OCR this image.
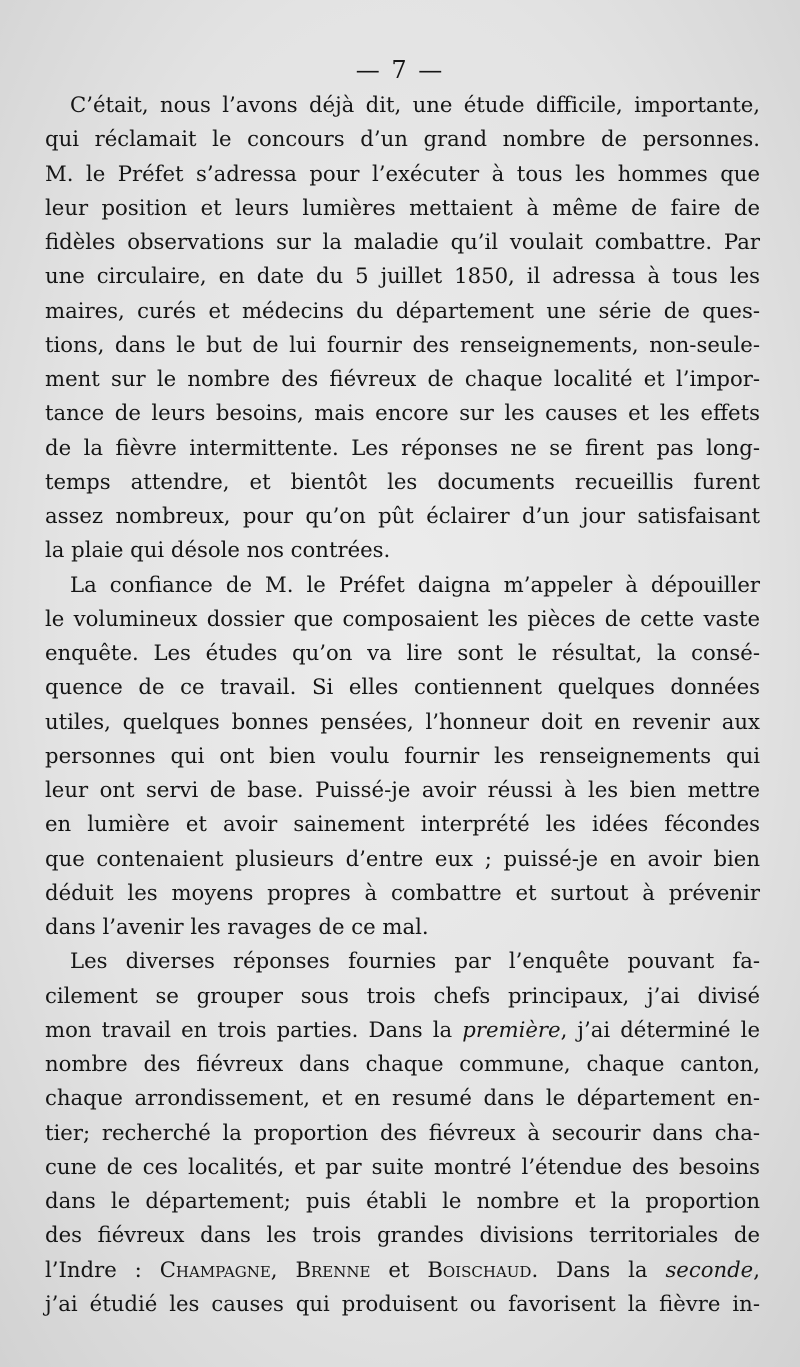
— 7 —
C’était, nous l’avons déjà dit, une étude difficile, importante,
qui réclamait le concours d’un grand nombre de personnes.
M. le Préfet s’adressa pour l’exécuter à tous les hommes que
leur position et leurs lumières mettaient à même de faire de
fidèles observations sur la maladie qu’il voulait combattre. Par
une circulaire, en date du 5 juillet 1850, il adressa à tous les
maires, curés et médecins du département une série de ques-
tions, dans le but de lui fournir des renseignements, non-seule-
ment sur le nombre des fiévreux de chaque localité et l’impor-
tance de leurs besoins, mais encore sur les causes et les effets
de la fièvre intermittente. Les réponses ne se firent pas long-
temps attendre, et bientôt les documents recueillis furent
assez nombreux, pour qu’on pût éclairer d’un jour satisfaisant
la plaie qui désole nos contrées.
La confiance de M. le Préfet daigna m’appeler à dépouiller
le volumineux dossier que composaient les pièces de cette vaste
enquête. Les études qu’on va lire sont le résultat, la consé-
quence de ce travail. Si elles contiennent quelques données
utiles, quelques bonnes pensées, l’honneur doit en revenir aux
personnes qui ont bien voulu fournir les renseignements qui
leur ont servi de base. Puissé-je avoir réussi à les bien mettre
en lumière et avoir sainement interprété les idées fécondes
que contenaient plusieurs d’entre eux ; puissé-je en avoir bien
déduit les moyens propres à combattre et surtout à prévenir
dans l’avenir les ravages de ce mal.
Les diverses réponses fournies par l’enquête pouvant fa-
cilement se grouper sous trois chefs principaux, j’ai divisé
mon travail en trois parties. Dans la première, j’ai déterminé le
nombre des fiévreux dans chaque commune, chaque canton,
chaque arrondissement, et en resumé dans le département en-
tier; recherché la proportion des fiévreux à secourir dans cha-
cune de ces localités, et par suite montré l’étendue des besoins
dans le département; puis établi le nombre et la proportion
des fiévreux dans les trois grandes divisions territoriales de
l’Indre : Champagne, Brenne et Boischaud. Dans la seconde,
j’ai étudié les causes qui produisent ou favorisent la fièvre in-
